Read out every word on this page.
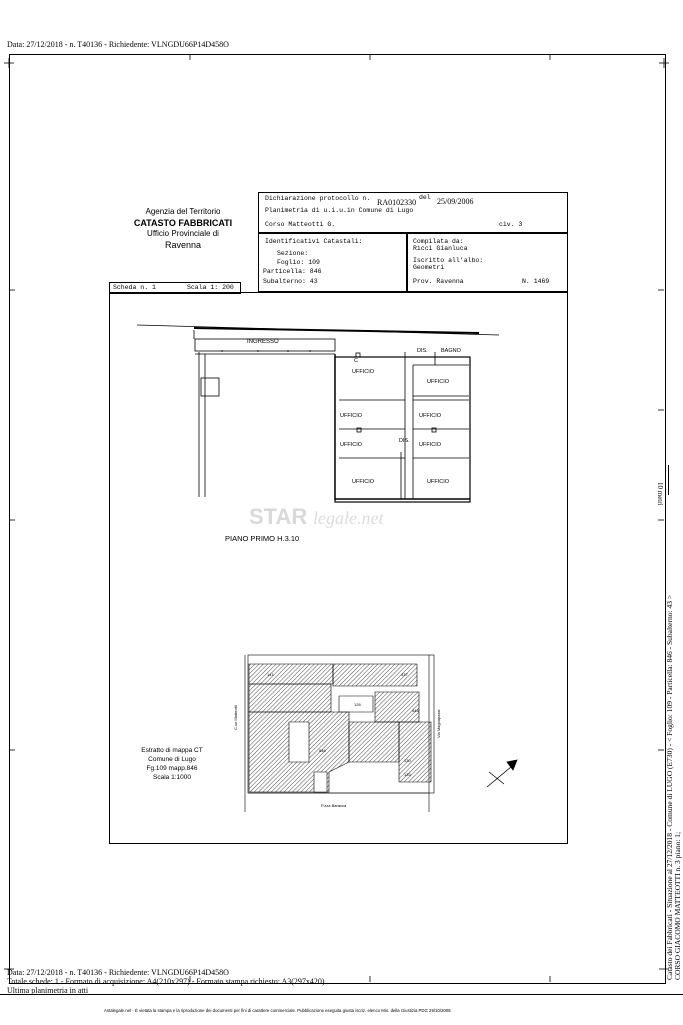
Data: 27/12/2018 - n. T40136 - Richiedente: VLNGDU66P14D458O
Agenzia del Territorio
CATASTO FABBRICATI
Ufficio Provinciale di
Ravenna
Dichiarazione protocollo n. RA0102330
del 25/09/2006
Planimetria di u.i.u.in Comune di Lugo
Corso Matteotti G.	civ. 3
Identificativi Catastali:
Sezione:
Foglio: 109
Particella: 846
Subalterno: 43
Compilata da:
Ricci Gianluca
Iscritto all'albo:
Geometri
Prov. Ravenna	N. 1469
Scheda n. 1	Scala 1: 200
INGRESSO
DIS. BAGNO
UFFICIO
UFFICIO
UFFICIO	UFFICIO
UFFICIO
DIS.
UFFICIO
UFFICIO	UFFICIO
C
x	x	x	x
STAR legale.net
PIANO PRIMO H.3.10
141	437
126
446
846
130
133
P.zza Baracca
C.so Matteotti	Via Magnapassi
Estratto di mappa CT
Comune di Lugo
Fg.109 mapp.846
Scala 1:1000
10 metri
Catasto dei Fabbricati - Situazione al 27/12/2018 - Comune di LUGO (E730) - < Foglio: 109 - Particella: 846 - Subalterno: 43 > CORSO GIACOMO MATTEOTTI n. 3 piano: 1;
Data: 27/12/2018 - n. T40136 - Richiedente: VLNGDU66P14D458O
Totale schede: 1 - Formato di acquisizione: A4(210x297) - Formato stampa richiesto: A3(297x420)
Ultima planimetria in atti
Astalegale.net - È vietata la stampa e la riproduzione dei documenti per fini di carattere commerciale. Pubblicazione eseguita giusta iscriz. elenco Min. della Giustizia PDG 29/10/2009.
